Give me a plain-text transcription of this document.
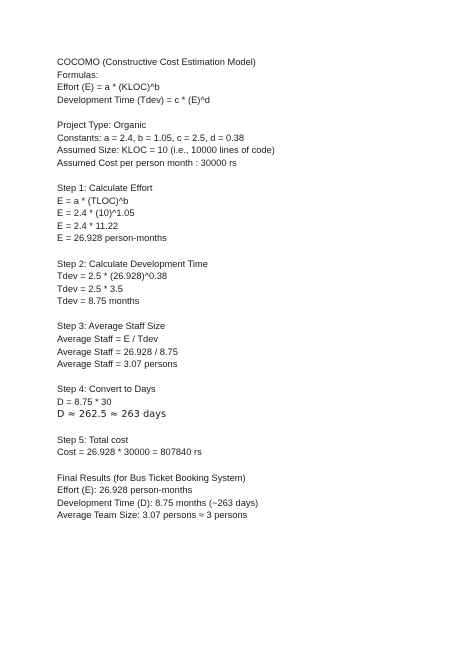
COCOMO (Constructive Cost Estimation Model)
Formulas:
Effort (E) = a * (KLOC)^b
Development Time (Tdev) = c * (E)^d
Project Type: Organic
Constants: a = 2.4, b = 1.05, c = 2.5, d = 0.38
Assumed Size: KLOC = 10 (i.e., 10000 lines of code)
Assumed Cost per person month : 30000 rs
Step 1: Calculate Effort
E = a * (TLOC)^b
E = 2.4 * (10)^1.05
E = 2.4 * 11.22
E = 26.928 person-months
Step 2: Calculate Development Time
Tdev = 2.5 * (26.928)^0.38
Tdev = 2.5 * 3.5
Tdev = 8.75 months
Step 3: Average Staff Size
Average Staff = E / Tdev
Average Staff = 26.928 / 8.75
Average Staff = 3.07 persons
Step 4: Convert to Days
D = 8.75 * 30
D ≈ 262.5 ≈ 263 days
Step 5: Total cost
Cost = 26.928 * 30000 = 807840 rs
Final Results (for Bus Ticket Booking System)
Effort (E): 26.928 person-months
Development Time (D): 8.75 months (~263 days)
Average Team Size: 3.07 persons ≈ 3 persons
